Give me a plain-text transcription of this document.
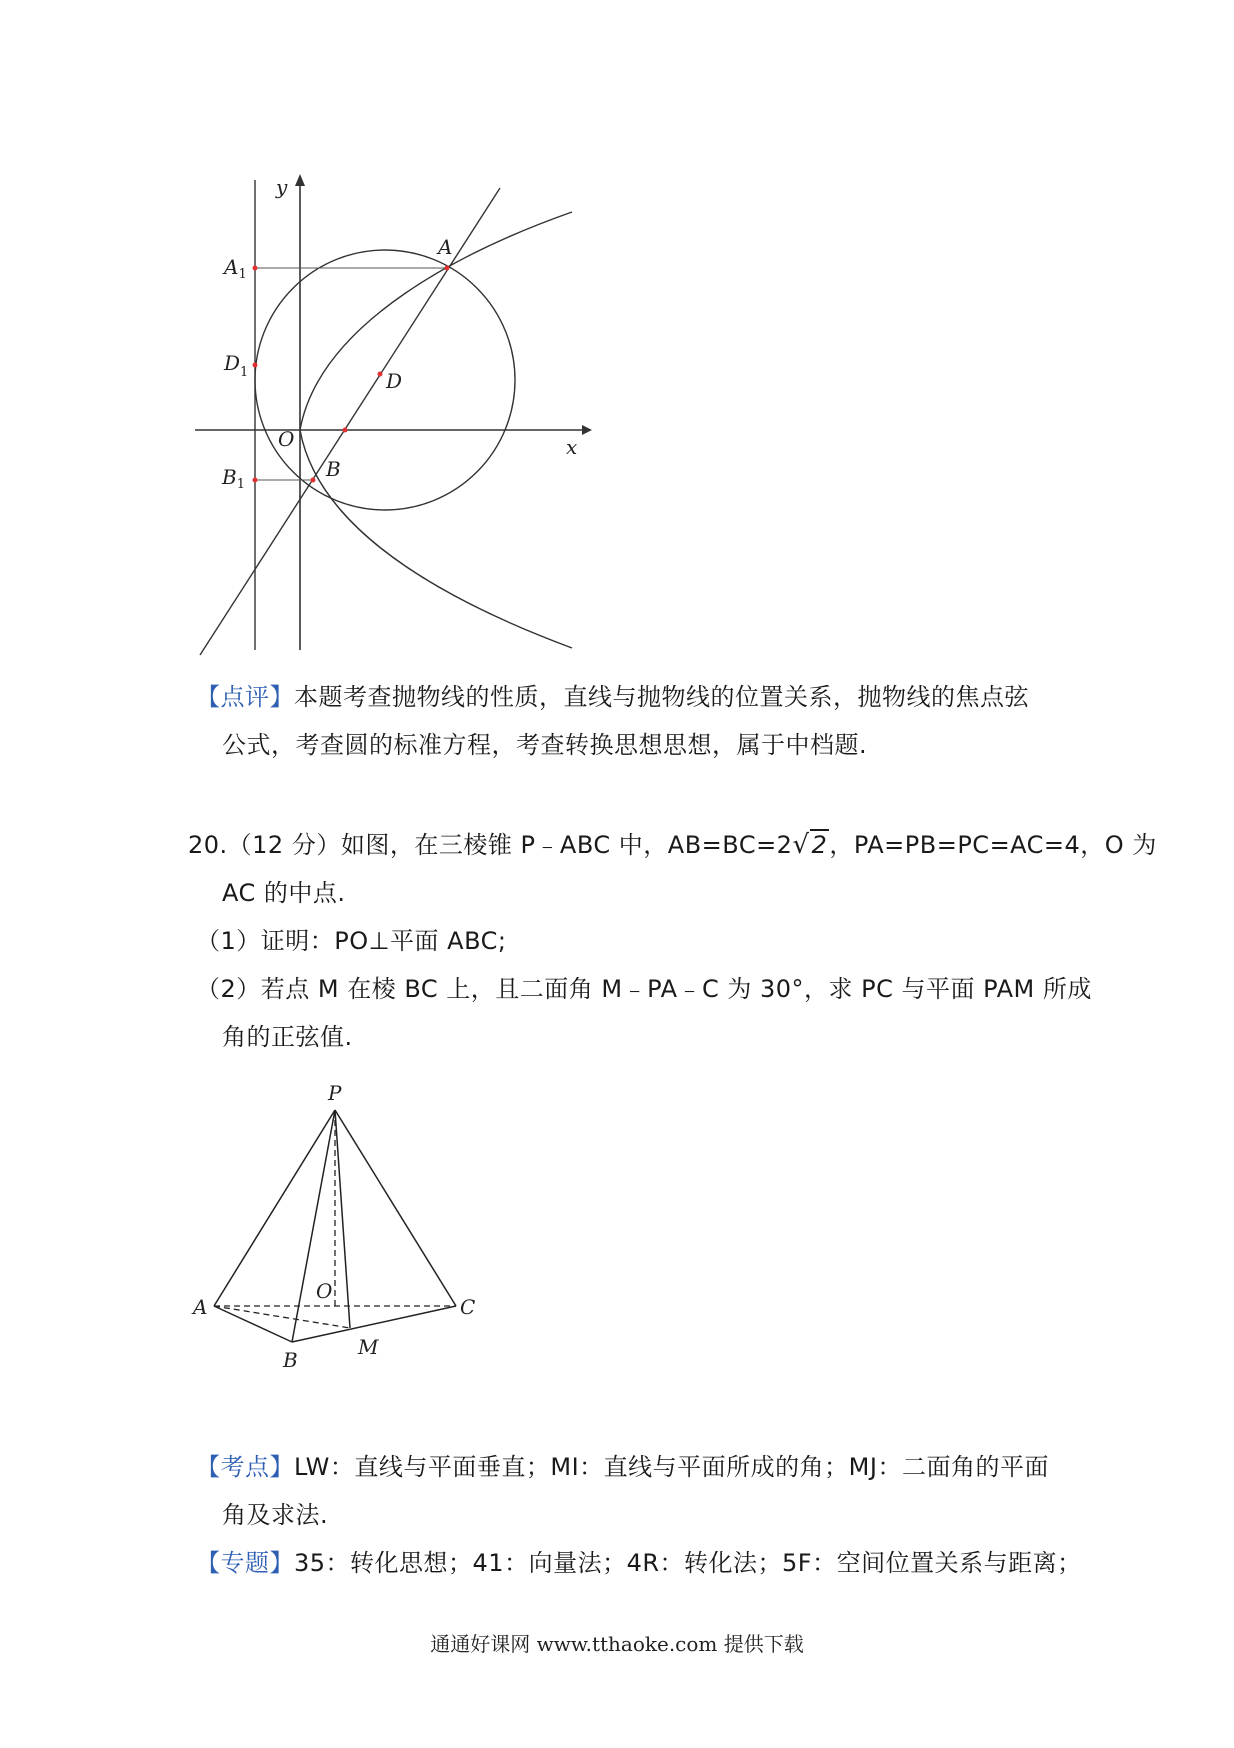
y
x
O
A
D
B
$A_1$
$D_1$
$B_1$
【点评】本题考查抛物线的性质，直线与抛物线的位置关系，抛物线的焦点弦
公式，考查圆的标准方程，考查转换思想思想，属于中档题.
20.（12 分）如图，在三棱锥 P﹣ABC 中，AB=BC=2√2，PA=PB=PC=AC=4，O 为
AC 的中点.
（1）证明：PO⊥平面 ABC;
（2）若点 M 在棱 BC 上，且二面角 M﹣PA﹣C 为 30°，求 PC 与平面 PAM 所成
角的正弦值.
P
A	C
O
B
M
【考点】LW：直线与平面垂直；MI：直线与平面所成的角；MJ：二面角的平面
角及求法.
【专题】35：转化思想；41：向量法；4R：转化法；5F：空间位置关系与距离；
通通好课网 www.tthaoke.com 提供下载
